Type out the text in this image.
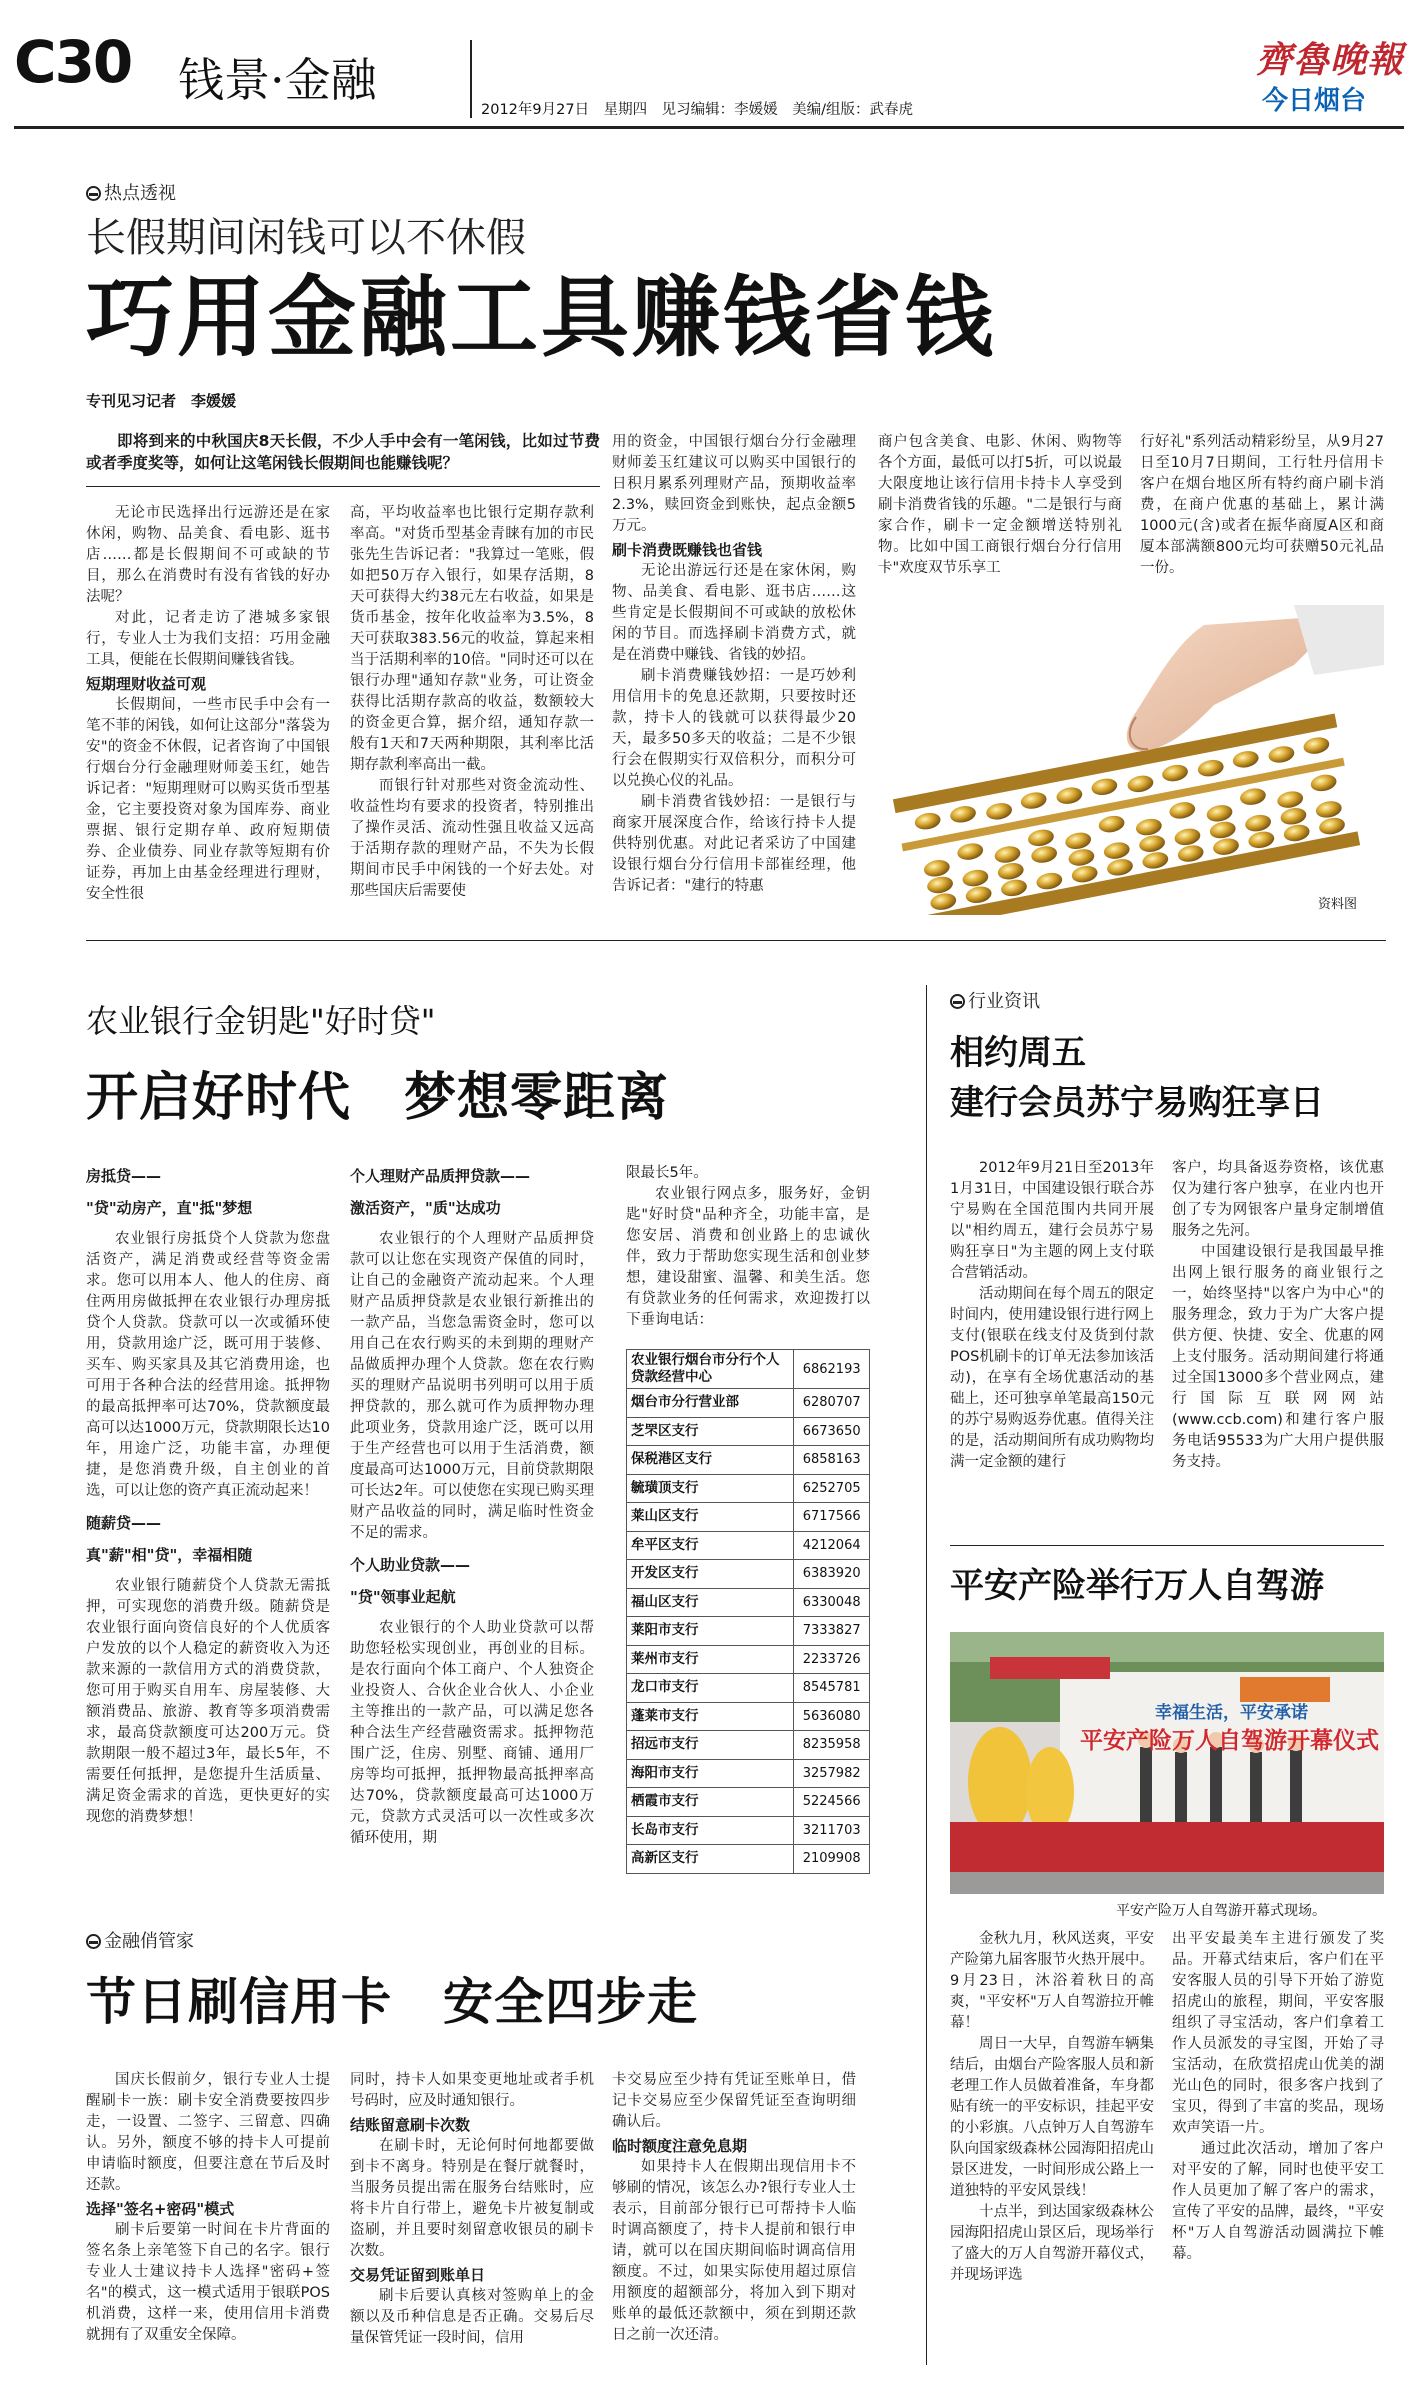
C30 钱景·金融
2012年9月27日　星期四　见习编辑：李媛媛　美编/组版：武春虎
齊魯晚報
今日烟台
热点透视
长假期间闲钱可以不休假
巧用金融工具赚钱省钱
专刊见习记者　李媛媛
即将到来的中秋国庆8天长假，不少人手中会有一笔闲钱，比如过节费或者季度奖等，如何让这笔闲钱长假期间也能赚钱呢？

无论市民选择出行远游还是在家休闲，购物、品美食、看电影、逛书店……都是长假期间不可或缺的节目，那么在消费时有没有省钱的好办法呢？

对此，记者走访了港城多家银行，专业人士为我们支招：巧用金融工具，便能在长假期间赚钱省钱。

短期理财收益可观

长假期间，一些市民手中会有一笔不菲的闲钱，如何让这部分"落袋为安"的资金不休假，记者咨询了中国银行烟台分行金融理财师姜玉红，她告诉记者："短期理财可以购买货币型基金，它主要投资对象为国库券、商业票据、银行定期存单、政府短期债券、企业债券、同业存款等短期有价证券，再加上由基金经理进行理财，安全性很

高，平均收益率也比银行定期存款利率高。"对货币型基金青睐有加的市民张先生告诉记者："我算过一笔账，假如把50万存入银行，如果存活期，8天可获得大约38元左右收益，如果是货币基金，按年化收益率为3.5%，8天可获取383.56元的收益，算起来相当于活期利率的10倍。"同时还可以在银行办理"通知存款"业务，可让资金获得比活期存款高的收益，数额较大的资金更合算，据介绍，通知存款一般有1天和7天两种期限，其利率比活期存款利率高出一截。

而银行针对那些对资金流动性、收益性均有要求的投资者，特别推出了操作灵活、流动性强且收益又远高于活期存款的理财产品，不失为长假期间市民手中闲钱的一个好去处。对那些国庆后需要使

用的资金，中国银行烟台分行金融理财师姜玉红建议可以购买中国银行的日积月累系列理财产品，预期收益率2.3%，赎回资金到账快，起点金额5万元。

刷卡消费既赚钱也省钱

无论出游远行还是在家休闲，购物、品美食、看电影、逛书店……这些肯定是长假期间不可或缺的放松休闲的节目。而选择刷卡消费方式，就是在消费中赚钱、省钱的妙招。

刷卡消费赚钱妙招：一是巧妙利用信用卡的免息还款期，只要按时还款，持卡人的钱就可以获得最少20天，最多50多天的收益；二是不少银行会在假期实行双倍积分，而积分可以兑换心仪的礼品。

刷卡消费省钱妙招：一是银行与商家开展深度合作，给该行持卡人提供特别优惠。对此记者采访了中国建设银行烟台分行信用卡部崔经理，他告诉记者："建行的特惠

商户包含美食、电影、休闲、购物等各个方面，最低可以打5折，可以说最大限度地让该行信用卡持卡人享受到刷卡消费省钱的乐趣。"二是银行与商家合作，刷卡一定金额增送特别礼物。比如中国工商银行烟台分行信用卡"欢度双节乐享工

行好礼"系列活动精彩纷呈，从9月27日至10月7日期间，工行牡丹信用卡客户在烟台地区所有特约商户刷卡消费，在商户优惠的基础上，累计满1000元(含)或者在振华商厦A区和商厦本部满额800元均可获赠50元礼品一份。

资料图
农业银行金钥匙"好时贷"
开启好时代　梦想零距离

房抵贷——

"贷"动房产，直"抵"梦想

农业银行房抵贷个人贷款为您盘活资产，满足消费或经营等资金需求。您可以用本人、他人的住房、商住两用房做抵押在农业银行办理房抵贷个人贷款。贷款可以一次或循环使用，贷款用途广泛，既可用于装修、买车、购买家具及其它消费用途，也可用于各种合法的经营用途。抵押物的最高抵押率可达70%，贷款额度最高可以达1000万元，贷款期限长达10年，用途广泛，功能丰富，办理便捷，是您消费升级，自主创业的首选，可以让您的资产真正流动起来！

随薪贷——

真"薪"相"贷"，幸福相随

农业银行随薪贷个人贷款无需抵押，可实现您的消费升级。随薪贷是农业银行面向资信良好的个人优质客户发放的以个人稳定的薪资收入为还款来源的一款信用方式的消费贷款，您可用于购买自用车、房屋装修、大额消费品、旅游、教育等多项消费需求，最高贷款额度可达200万元。贷款期限一般不超过3年，最长5年，不需要任何抵押，是您提升生活质量、满足资金需求的首选，更快更好的实现您的消费梦想！

个人理财产品质押贷款——

激活资产，"质"达成功

农业银行的个人理财产品质押贷款可以让您在实现资产保值的同时，让自己的金融资产流动起来。个人理财产品质押贷款是农业银行新推出的一款产品，当您急需资金时，您可以用自己在农行购买的未到期的理财产品做质押办理个人贷款。您在农行购买的理财产品说明书列明可以用于质押贷款的，那么就可作为质押物办理此项业务，贷款用途广泛，既可以用于生产经营也可以用于生活消费，额度最高可达1000万元，目前贷款期限可长达2年。可以使您在实现已购买理财产品收益的同时，满足临时性资金不足的需求。

个人助业贷款——

"贷"领事业起航

农业银行的个人助业贷款可以帮助您轻松实现创业，再创业的目标。是农行面向个体工商户、个人独资企业投资人、合伙企业合伙人、小企业主等推出的一款产品，可以满足您各种合法生产经营融资需求。抵押物范围广泛，住房、别墅、商铺、通用厂房等均可抵押，抵押物最高抵押率高达70%，贷款额度最高可达1000万元，贷款方式灵活可以一次性或多次循环使用，期

限最长5年。

农业银行网点多，服务好，金钥匙"好时贷"品种齐全，功能丰富，是您安居、消费和创业路上的忠诚伙伴，致力于帮助您实现生活和创业梦想，建设甜蜜、温馨、和美生活。您有贷款业务的任何需求，欢迎拨打以下垂询电话：

农业银行烟台市分行个人贷款经营中心	6862193
烟台市分行营业部	6280707
芝罘区支行	6673650
保税港区支行	6858163
毓璜顶支行	6252705
莱山区支行	6717566
牟平区支行	4212064
开发区支行	6383920
福山区支行	6330048
莱阳市支行	7333827
莱州市支行	2233726
龙口市支行	8545781
蓬莱市支行	5636080
招远市支行	8235958
海阳市支行	3257982
栖霞市支行	5224566
长岛市支行	3211703
高新区支行	2109908
行业资讯
相约周五
建行会员苏宁易购狂享日

2012年9月21日至2013年1月31日，中国建设银行联合苏宁易购在全国范围内共同开展以"相约周五，建行会员苏宁易购狂享日"为主题的网上支付联合营销活动。

活动期间在每个周五的限定时间内，使用建设银行进行网上支付(银联在线支付及货到付款POS机刷卡的订单无法参加该活动)，在享有全场优惠活动的基础上，还可独享单笔最高150元的苏宁易购返券优惠。值得关注的是，活动期间所有成功购物均满一定金额的建行

客户，均具备返券资格，该优惠仅为建行客户独享，在业内也开创了专为网银客户量身定制增值服务之先河。

中国建设银行是我国最早推出网上银行服务的商业银行之一，始终坚持"以客户为中心"的服务理念，致力于为广大客户提供方便、快捷、安全、优惠的网上支付服务。活动期间建行将通过全国13000多个营业网点，建行国际互联网网站(www.ccb.com)和建行客户服务电话95533为广大用户提供服务支持。

平安产险举行万人自驾游
幸福生活，平安承诺
平安产险万人自驾游开幕仪式
平安产险万人自驾游开幕式现场。

金秋九月，秋风送爽，平安产险第九届客服节火热开展中。9月23日，沐浴着秋日的高爽，"平安杯"万人自驾游拉开帷幕！

周日一大早，自驾游车辆集结后，由烟台产险客服人员和新老理工作人员做着准备，车身都贴有统一的平安标识，挂起平安的小彩旗。八点钟万人自驾游车队向国家级森林公园海阳招虎山景区进发，一时间形成公路上一道独特的平安风景线！

十点半，到达国家级森林公园海阳招虎山景区后，现场举行了盛大的万人自驾游开幕仪式，并现场评选

出平安最美车主进行颁发了奖品。开幕式结束后，客户们在平安客服人员的引导下开始了游览招虎山的旅程，期间，平安客服组织了寻宝活动，客户们拿着工作人员派发的寻宝图，开始了寻宝活动，在欣赏招虎山优美的湖光山色的同时，很多客户找到了宝贝，得到了丰富的奖品，现场欢声笑语一片。

通过此次活动，增加了客户对平安的了解，同时也使平安工作人员更加了解了客户的需求，宣传了平安的品牌，最终，"平安杯"万人自驾游活动圆满拉下帷幕。

金融俏管家
节日刷信用卡　安全四步走

国庆长假前夕，银行专业人士提醒刷卡一族：刷卡安全消费要按四步走，一设置、二签字、三留意、四确认。另外，额度不够的持卡人可提前申请临时额度，但要注意在节后及时还款。

选择"签名+密码"模式

刷卡后要第一时间在卡片背面的签名条上亲笔签下自己的名字。银行专业人士建议持卡人选择"密码+签名"的模式，这一模式适用于银联POS机消费，这样一来，使用信用卡消费就拥有了双重安全保障。

同时，持卡人如果变更地址或者手机号码时，应及时通知银行。

结账留意刷卡次数

在刷卡时，无论何时何地都要做到卡不离身。特别是在餐厅就餐时，当服务员提出需在服务台结账时，应将卡片自行带上，避免卡片被复制或盗刷，并且要时刻留意收银员的刷卡次数。

交易凭证留到账单日

刷卡后要认真核对签购单上的金额以及币种信息是否正确。交易后尽量保管凭证一段时间，信用

卡交易应至少持有凭证至账单日，借记卡交易应至少保留凭证至查询明细确认后。

临时额度注意免息期

如果持卡人在假期出现信用卡不够刷的情况，该怎么办?银行专业人士表示，目前部分银行已可帮持卡人临时调高额度了，持卡人提前和银行申请，就可以在国庆期间临时调高信用额度。不过，如果实际使用超过原信用额度的超额部分，将加入到下期对账单的最低还款额中，须在到期还款日之前一次还清。
